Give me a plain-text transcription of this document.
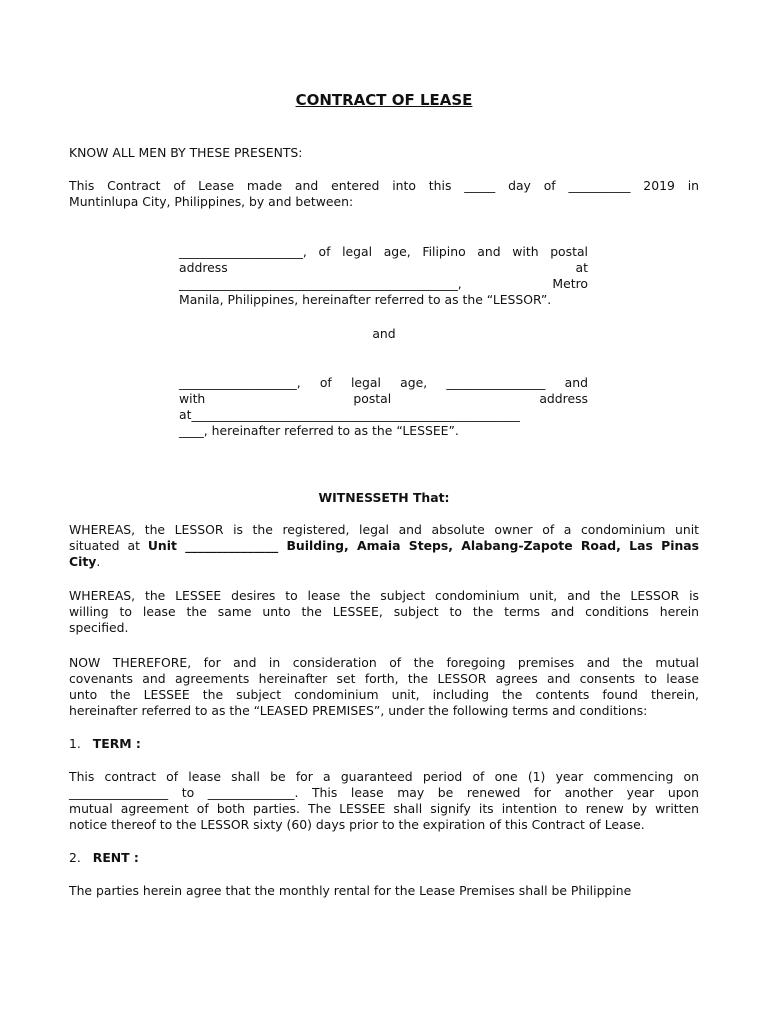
CONTRACT OF LEASE

KNOW ALL MEN BY THESE PRESENTS:

This Contract of Lease made and entered into this _____ day of __________ 2019 in
Muntinlupa City, Philippines, by and between:
____________________, of legal age, Filipino and with postal
address at
_____________________________________________, Metro
Manila, Philippines, hereinafter referred to as the “LESSOR”.

and

___________________, of legal age, ________________ and
with postal address
at_____________________________________________________
____, hereinafter referred to as the “LESSEE”.

WITNESSETH That:

WHEREAS, the LESSOR is the registered, legal and absolute owner of a condominium unit
situated at Unit _______________ Building, Amaia Steps, Alabang-Zapote Road, Las Pinas
City.
WHEREAS, the LESSEE desires to lease the subject condominium unit, and the LESSOR is
willing to lease the same unto the LESSEE, subject to the terms and conditions herein
specified.
NOW THEREFORE, for and in consideration of the foregoing premises and the mutual
covenants and agreements hereinafter set forth, the LESSOR agrees and consents to lease
unto the LESSEE the subject condominium unit, including the contents found therein,
hereinafter referred to as the “LEASED PREMISES”, under the following terms and conditions:
1. TERM :
This contract of lease shall be for a guaranteed period of one (1) year commencing on
________________ to ______________. This lease may be renewed for another year upon
mutual agreement of both parties. The LESSEE shall signify its intention to renew by written
notice thereof to the LESSOR sixty (60) days prior to the expiration of this Contract of Lease.
2. RENT :

The parties herein agree that the monthly rental for the Lease Premises shall be Philippine
